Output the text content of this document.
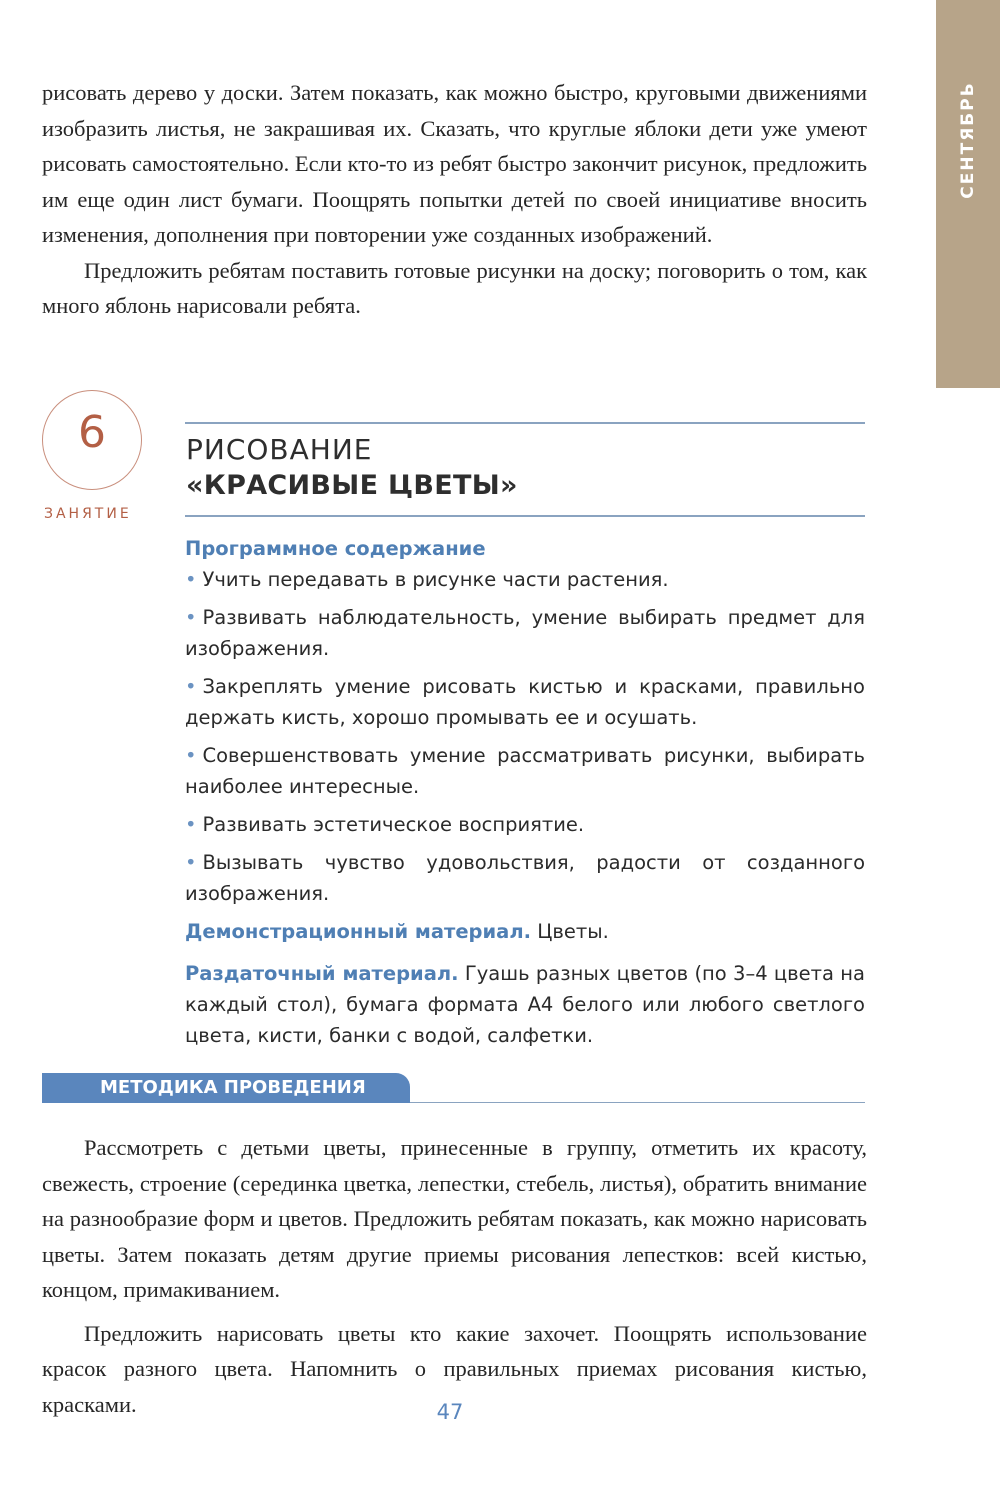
СЕНТЯБРЬ

рисовать дерево у доски. Затем показать, как можно быстро, круговыми движениями изобразить листья, не закрашивая их. Сказать, что круглые яблоки дети уже умеют рисовать самостоятельно. Если кто-то из ребят быстро закончит рисунок, предложить им еще один лист бумаги. Поощрять попытки детей по своей инициативе вносить изменения, дополнения при повторении уже созданных изображений.

Предложить ребятам поставить готовые рисунки на доску; поговорить о том, как много яблонь нарисовали ребята.

6
ЗАНЯТИЕ
РИСОВАНИЕ
«КРАСИВЫЕ ЦВЕТЫ»
Программное содержание
• Учить передавать в рисунке части растения.
• Развивать наблюдательность, умение выбирать предмет для изображения.
• Закреплять умение рисовать кистью и красками, правильно держать кисть, хорошо промывать ее и осушать.
• Совершенствовать умение рассматривать рисунки, выбирать наиболее интересные.
• Развивать эстетическое восприятие.
• Вызывать чувство удовольствия, радости от созданного изображения.
Демонстрационный материал. Цветы.
Раздаточный материал. Гуашь разных цветов (по 3–4 цвета на каждый стол), бумага формата А4 белого или любого светлого цвета, кисти, банки с водой, салфетки.
МЕТОДИКА ПРОВЕДЕНИЯ

Рассмотреть с детьми цветы, принесенные в группу, отметить их красоту, свежесть, строение (серединка цветка, лепестки, стебель, листья), обратить внимание на разнообразие форм и цветов. Предложить ребятам показать, как можно нарисовать цветы. Затем показать детям другие приемы рисования лепестков: всей кистью, концом, примакиванием.

Предложить нарисовать цветы кто какие захочет. Поощрять использование красок разного цвета. Напомнить о правильных приемах рисования кистью, красками.	47
